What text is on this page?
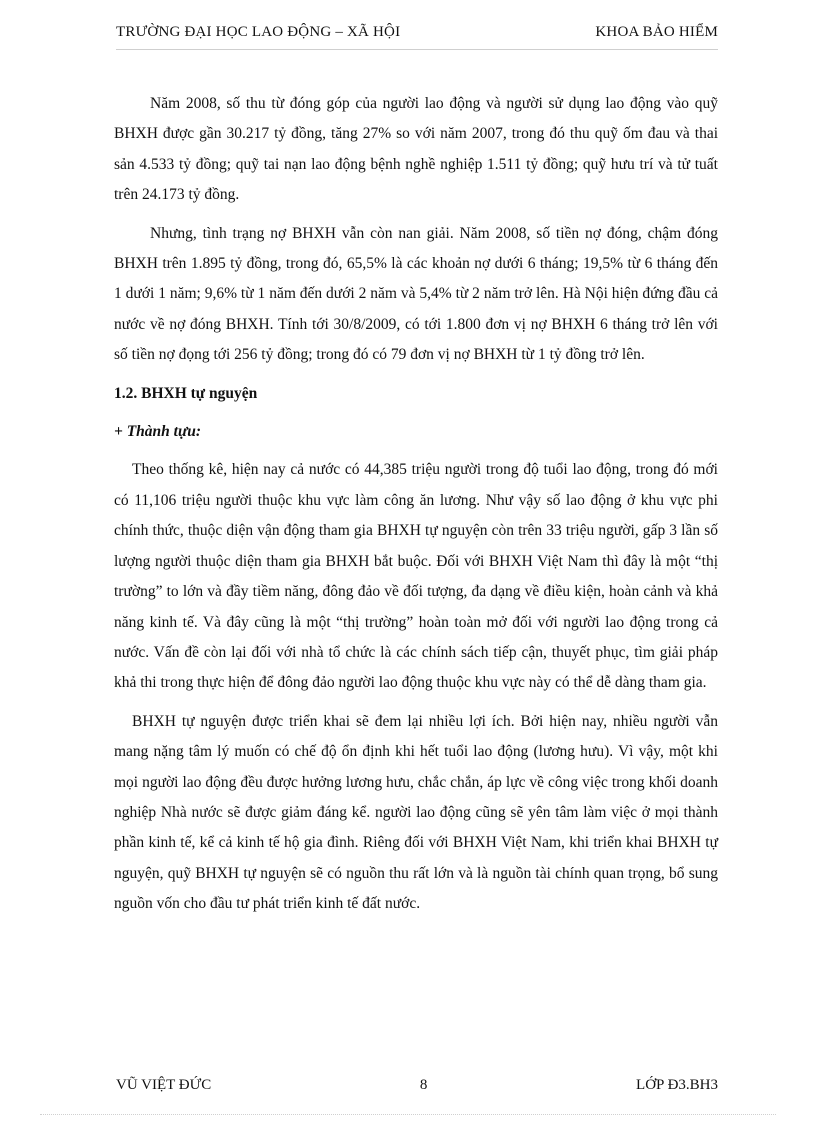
TRƯỜNG ĐẠI HỌC LAO ĐỘNG – XÃ HỘI	KHOA BẢO HIỂM

Năm 2008, số thu từ đóng góp của người lao động và người sử dụng lao động vào quỹ BHXH được gần 30.217 tỷ đồng, tăng 27% so với năm 2007, trong đó thu quỹ ốm đau và thai sản 4.533 tỷ đồng; quỹ tai nạn lao động bệnh nghề nghiệp 1.511 tỷ đồng; quỹ hưu trí và tử tuất trên 24.173 tỷ đồng.

Nhưng, tình trạng nợ BHXH vẫn còn nan giải. Năm 2008, số tiền nợ đóng, chậm đóng BHXH trên 1.895 tỷ đồng, trong đó, 65,5% là các khoản nợ dưới 6 tháng; 19,5% từ 6 tháng đến 1 dưới 1 năm; 9,6% từ 1 năm đến dưới 2 năm và 5,4% từ 2 năm trở lên. Hà Nội hiện đứng đầu cả nước về nợ đóng BHXH. Tính tới 30/8/2009, có tới 1.800 đơn vị nợ BHXH 6 tháng trở lên với số tiền nợ đọng tới 256 tỷ đồng; trong đó có 79 đơn vị nợ BHXH từ 1 tỷ đồng trở lên.

1.2. BHXH tự nguyện

+ Thành tựu:

Theo thống kê, hiện nay cả nước có 44,385 triệu người trong độ tuổi lao động, trong đó mới có 11,106 triệu người thuộc khu vực làm công ăn lương. Như vậy số lao động ở khu vực phi chính thức, thuộc diện vận động tham gia BHXH tự nguyện còn trên 33 triệu người, gấp 3 lần số lượng người thuộc diện tham gia BHXH bắt buộc. Đối với BHXH Việt Nam thì đây là một “thị trường” to lớn và đầy tiềm năng, đông đảo về đối tượng, đa dạng về điều kiện, hoàn cảnh và khả năng kinh tế. Và đây cũng là một “thị trường” hoàn toàn mở đối với người lao động trong cả nước. Vấn đề còn lại đối với nhà tổ chức là các chính sách tiếp cận, thuyết phục, tìm giải pháp khả thi trong thực hiện để đông đảo người lao động thuộc khu vực này có thể dễ dàng tham gia.

BHXH tự nguyện được triển khai sẽ đem lại nhiều lợi ích. Bởi hiện nay, nhiều người vẫn mang nặng tâm lý muốn có chế độ ổn định khi hết tuổi lao động (lương hưu). Vì vậy, một khi mọi người lao động đều được hưởng lương hưu, chắc chắn, áp lực về công việc trong khối doanh nghiệp Nhà nước sẽ được giảm đáng kể. người lao động cũng sẽ yên tâm làm việc ở mọi thành phần kinh tế, kể cả kinh tế hộ gia đình. Riêng đối với BHXH Việt Nam, khi triển khai BHXH tự nguyện, quỹ BHXH tự nguyện sẽ có nguồn thu rất lớn và là nguồn tài chính quan trọng, bổ sung nguồn vốn cho đầu tư phát triển kinh tế đất nước.

VŨ VIỆT ĐỨC	8	LỚP Đ3.BH3
